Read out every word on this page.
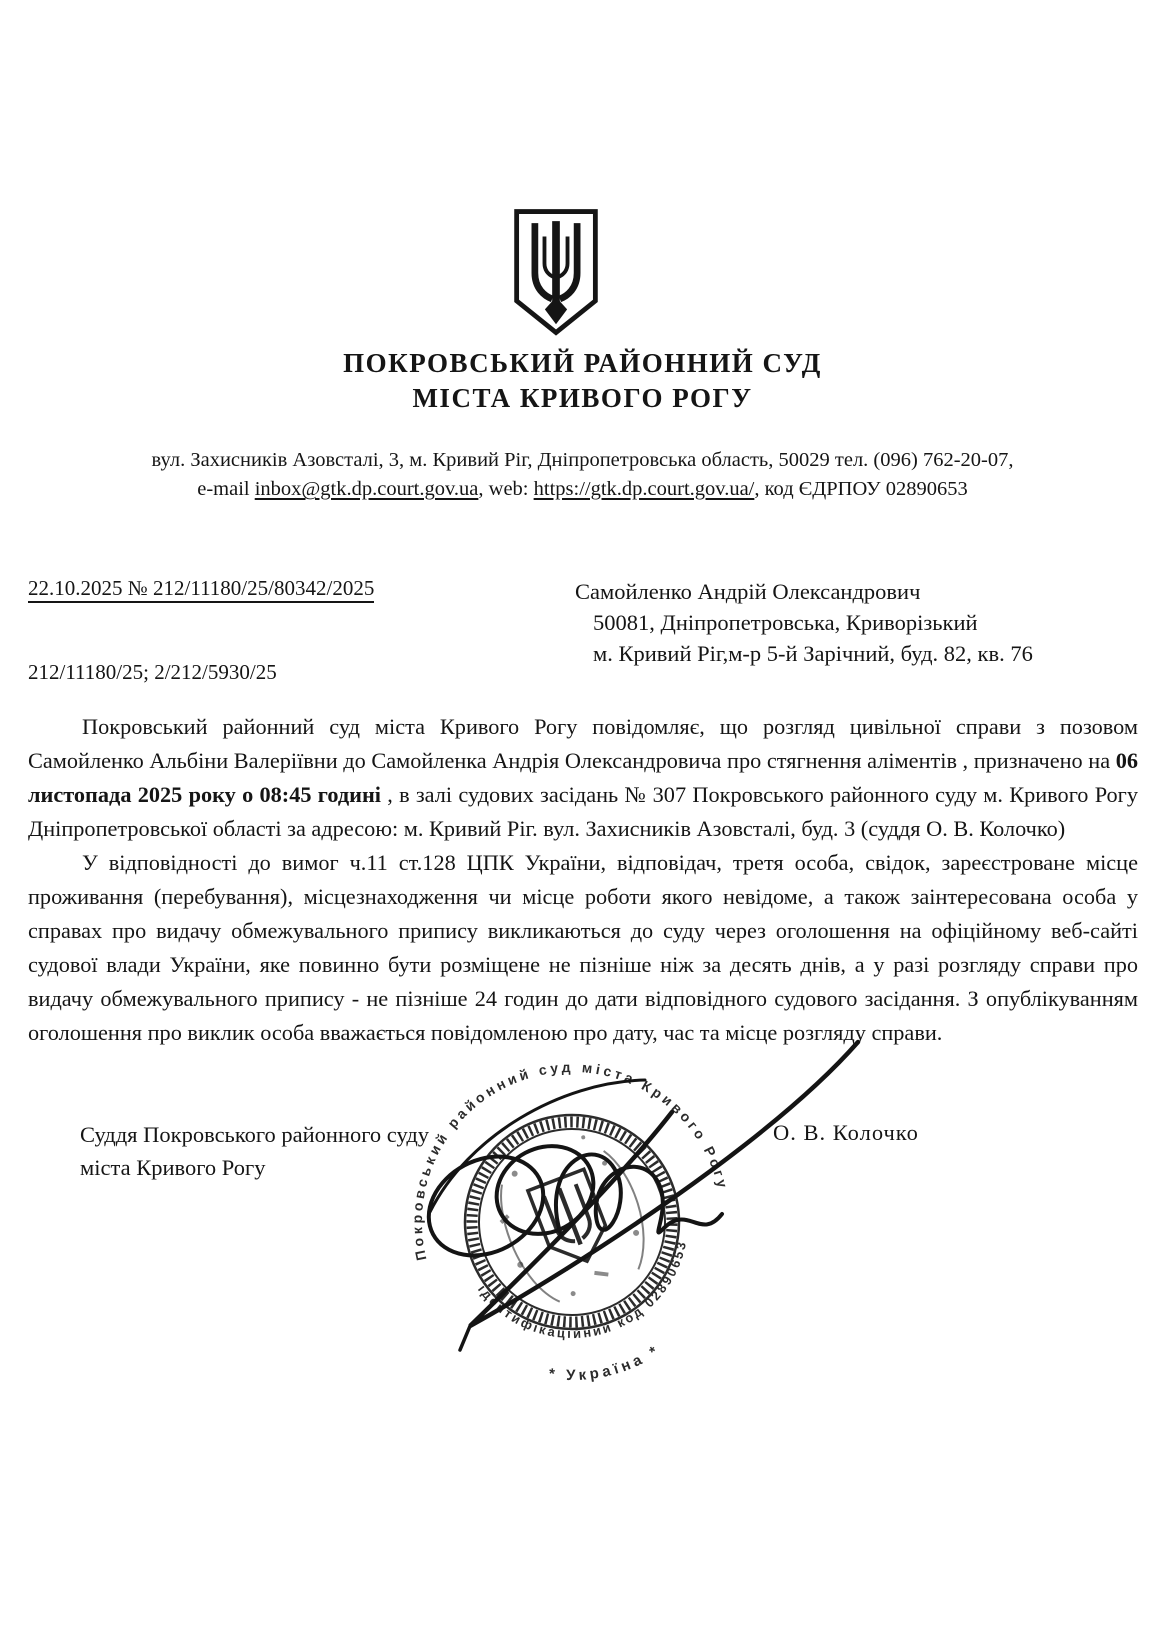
ПОКРОВСЬКИЙ РАЙОННИЙ СУД
МІСТА КРИВОГО РОГУ
вул. Захисників Азовсталі, 3, м. Кривий Ріг, Дніпропетровська область, 50029 тел. (096) 762-20-07,
e-mail inbox@gtk.dp.court.gov.ua, web: https://gtk.dp.court.gov.ua/, код ЄДРПОУ 02890653
22.10.2025 № 212/11180/25/80342/2025	Самойленко Андрій Олександрович
50081, Дніпропетровська, Криворізький
м. Кривий Ріг,м-р 5-й Зарічний, буд. 82, кв. 76
212/11180/25; 2/212/5930/25

Покровський районний суд міста Кривого Рогу повідомляє, що розгляд цивільної справи з позовом Самойленко Альбіни Валеріївни до Самойленка Андрія Олександровича про стягнення аліментів , призначено на 06 листопада 2025 року о 08:45 годині , в залі судових засідань № 307 Покровського районного суду м. Кривого Рогу Дніпропетровської області за адресою: м. Кривий Ріг. вул. Захисників Азовсталі, буд. 3 (суддя О. В. Колочко)

У відповідності до вимог ч.11 ст.128 ЦПК України, відповідач, третя особа, свідок, зареєстроване місце проживання (перебування), місцезнаходження чи місце роботи якого невідоме, а також заінтересована особа у справах про видачу обмежувального припису викликаються до суду через оголошення на офіційному веб-сайті судової влади України, яке повинно бути розміщене не пізніше ніж за десять днів, а у разі розгляду справи про видачу обмежувального припису - не пізніше 24 годин до дати відповідного судового засідання. З опублікуванням оголошення про виклик особа вважається повідомленою про дату, час та місце розгляду справи.

Суддя Покровського районного суду
міста Кривого Рогу
О. В. Колочко
Покровський районний суд міста Кривого Рогу
* Україна *
ідентифікаційний код 02890653
